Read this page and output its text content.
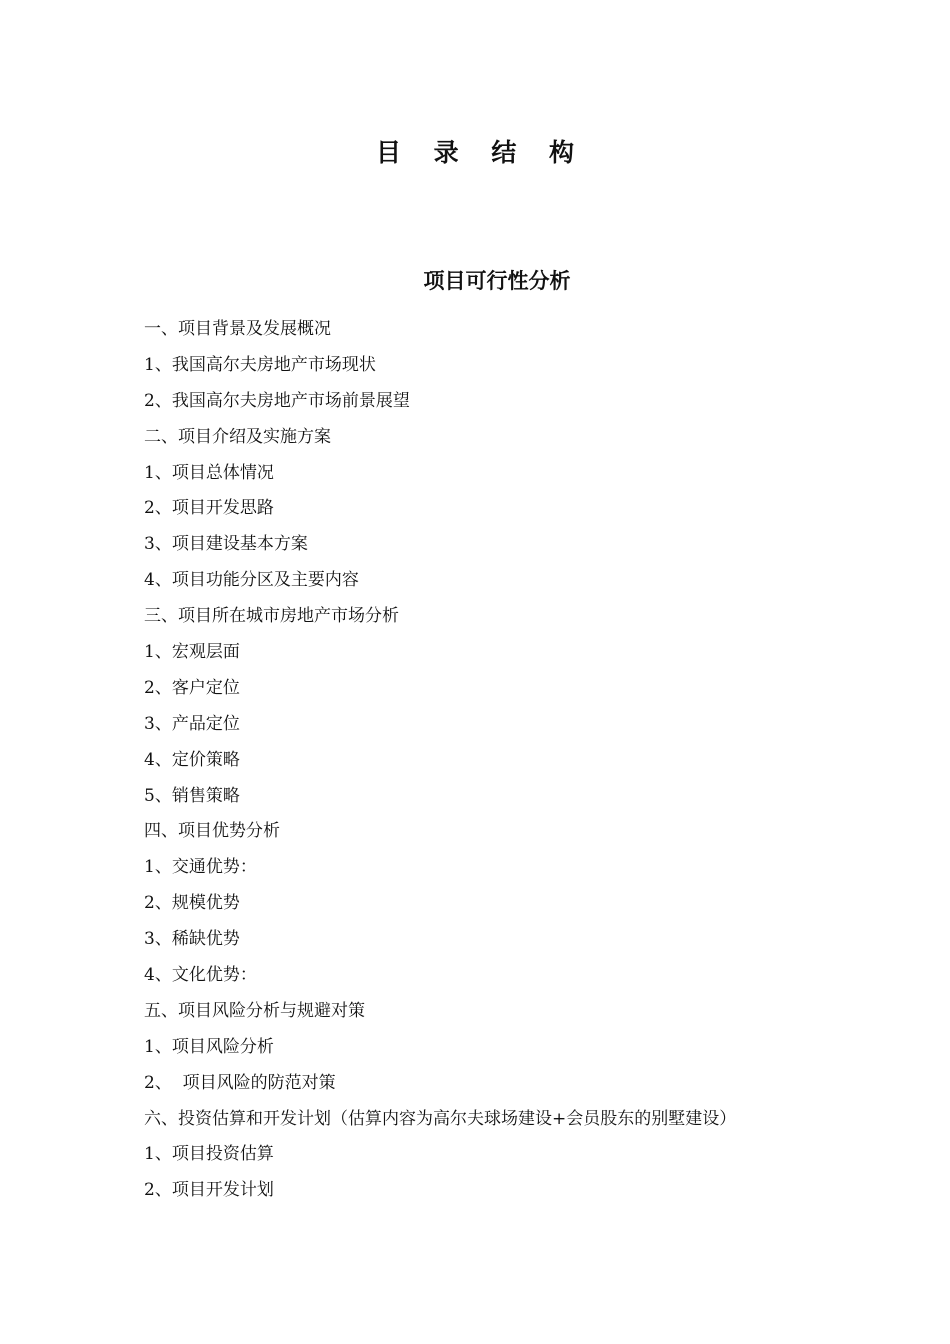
目 录 结 构
项目可行性分析
一、项目背景及发展概况
1、我国高尔夫房地产市场现状
2、我国高尔夫房地产市场前景展望
二、项目介绍及实施方案
1、项目总体情况
2、项目开发思路
3、项目建设基本方案
4、项目功能分区及主要内容
三、项目所在城市房地产市场分析
1、宏观层面
2、客户定位
3、产品定位
4、定价策略
5、销售策略
四、项目优势分析
1、交通优势：
2、规模优势
3、稀缺优势
4、文化优势：
五、项目风险分析与规避对策
1、项目风险分析
2、  项目风险的防范对策
六、投资估算和开发计划（估算内容为高尔夫球场建设+会员股东的别墅建设）
1、项目投资估算
2、项目开发计划
